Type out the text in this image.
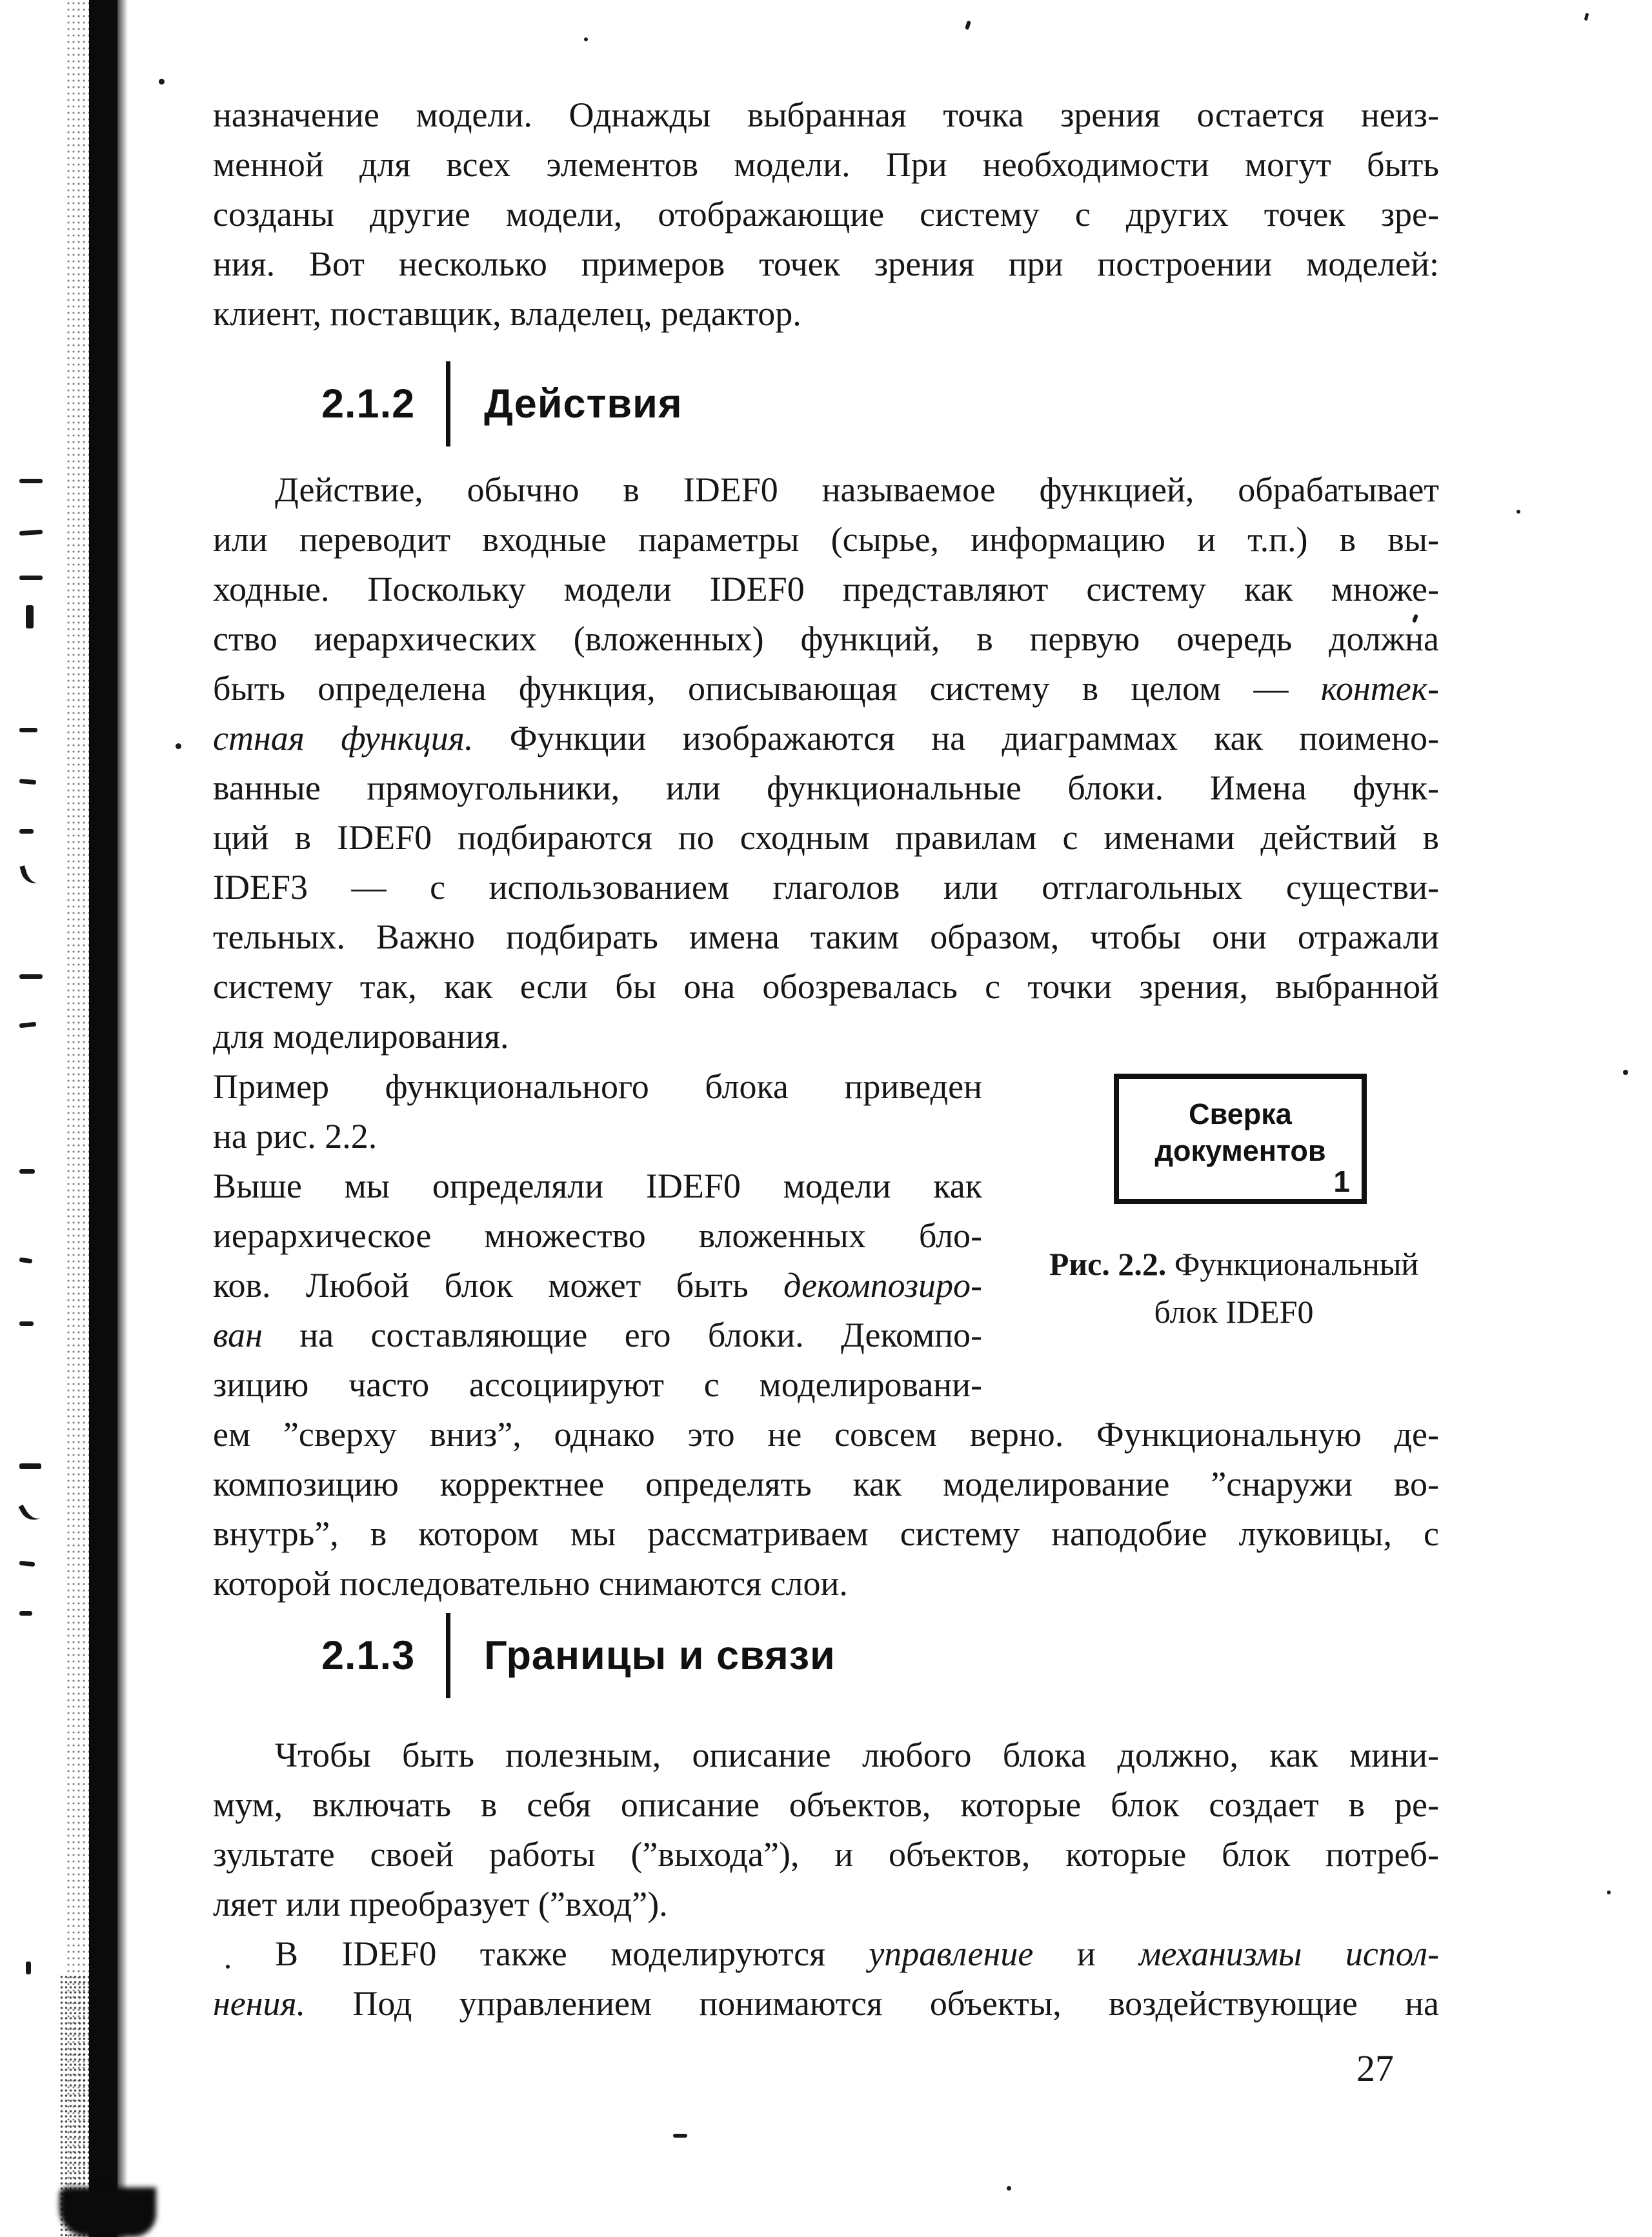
назначение модели. Однажды выбранная точка зрения остается неиз-
менной для всех элементов модели. При необходимости могут быть
созданы другие модели, отображающие систему с других точек зре-
ния. Вот несколько примеров точек зрения при построении моделей:
клиент, поставщик, владелец, редактор.
2.1.2 Действия
Действие, обычно в IDEF0 называемое функцией, обрабатывает
или переводит входные параметры (сырье, информацию и т.п.) в вы-
ходные. Поскольку модели IDEF0 представляют систему как множе-
ство иерархических (вложенных) функций, в первую очередь должна
быть определена функция, описывающая систему в целом — контек-
стная функция. Функции изображаются на диаграммах как поимено-
ванные прямоугольники, или функциональные блоки. Имена функ-
ций в IDEF0 подбираются по сходным правилам с именами действий в
IDEF3 — с использованием глаголов или отглагольных существи-
тельных. Важно подбирать имена таким образом, чтобы они отражали
систему так, как если бы она обозревалась с точки зрения, выбранной
для моделирования.
Пример функционального блока приведен
на рис. 2.2.
Выше мы определяли IDEF0 модели как
иерархическое множество вложенных бло-
ков. Любой блок может быть декомпозиро-
ван на составляющие его блоки. Декомпо-
зицию часто ассоциируют с моделировани-
Сверка
документов
1
Рис. 2.2. Функциональный
блок IDEF0
ем ”сверху вниз”, однако это не совсем верно. Функциональную де-
композицию корректнее определять как моделирование ”снаружи во-
внутрь”, в котором мы рассматриваем систему наподобие луковицы, с
которой последовательно снимаются слои.
2.1.3 Границы и связи
Чтобы быть полезным, описание любого блока должно, как мини-
мум, включать в себя описание объектов, которые блок создает в ре-
зультате своей работы (”выхода”), и объектов, которые блок потреб-
ляет или преобразует (”вход”).
В IDEF0 также моделируются управление и механизмы испол-
нения. Под управлением понимаются объекты, воздействующие на
27
